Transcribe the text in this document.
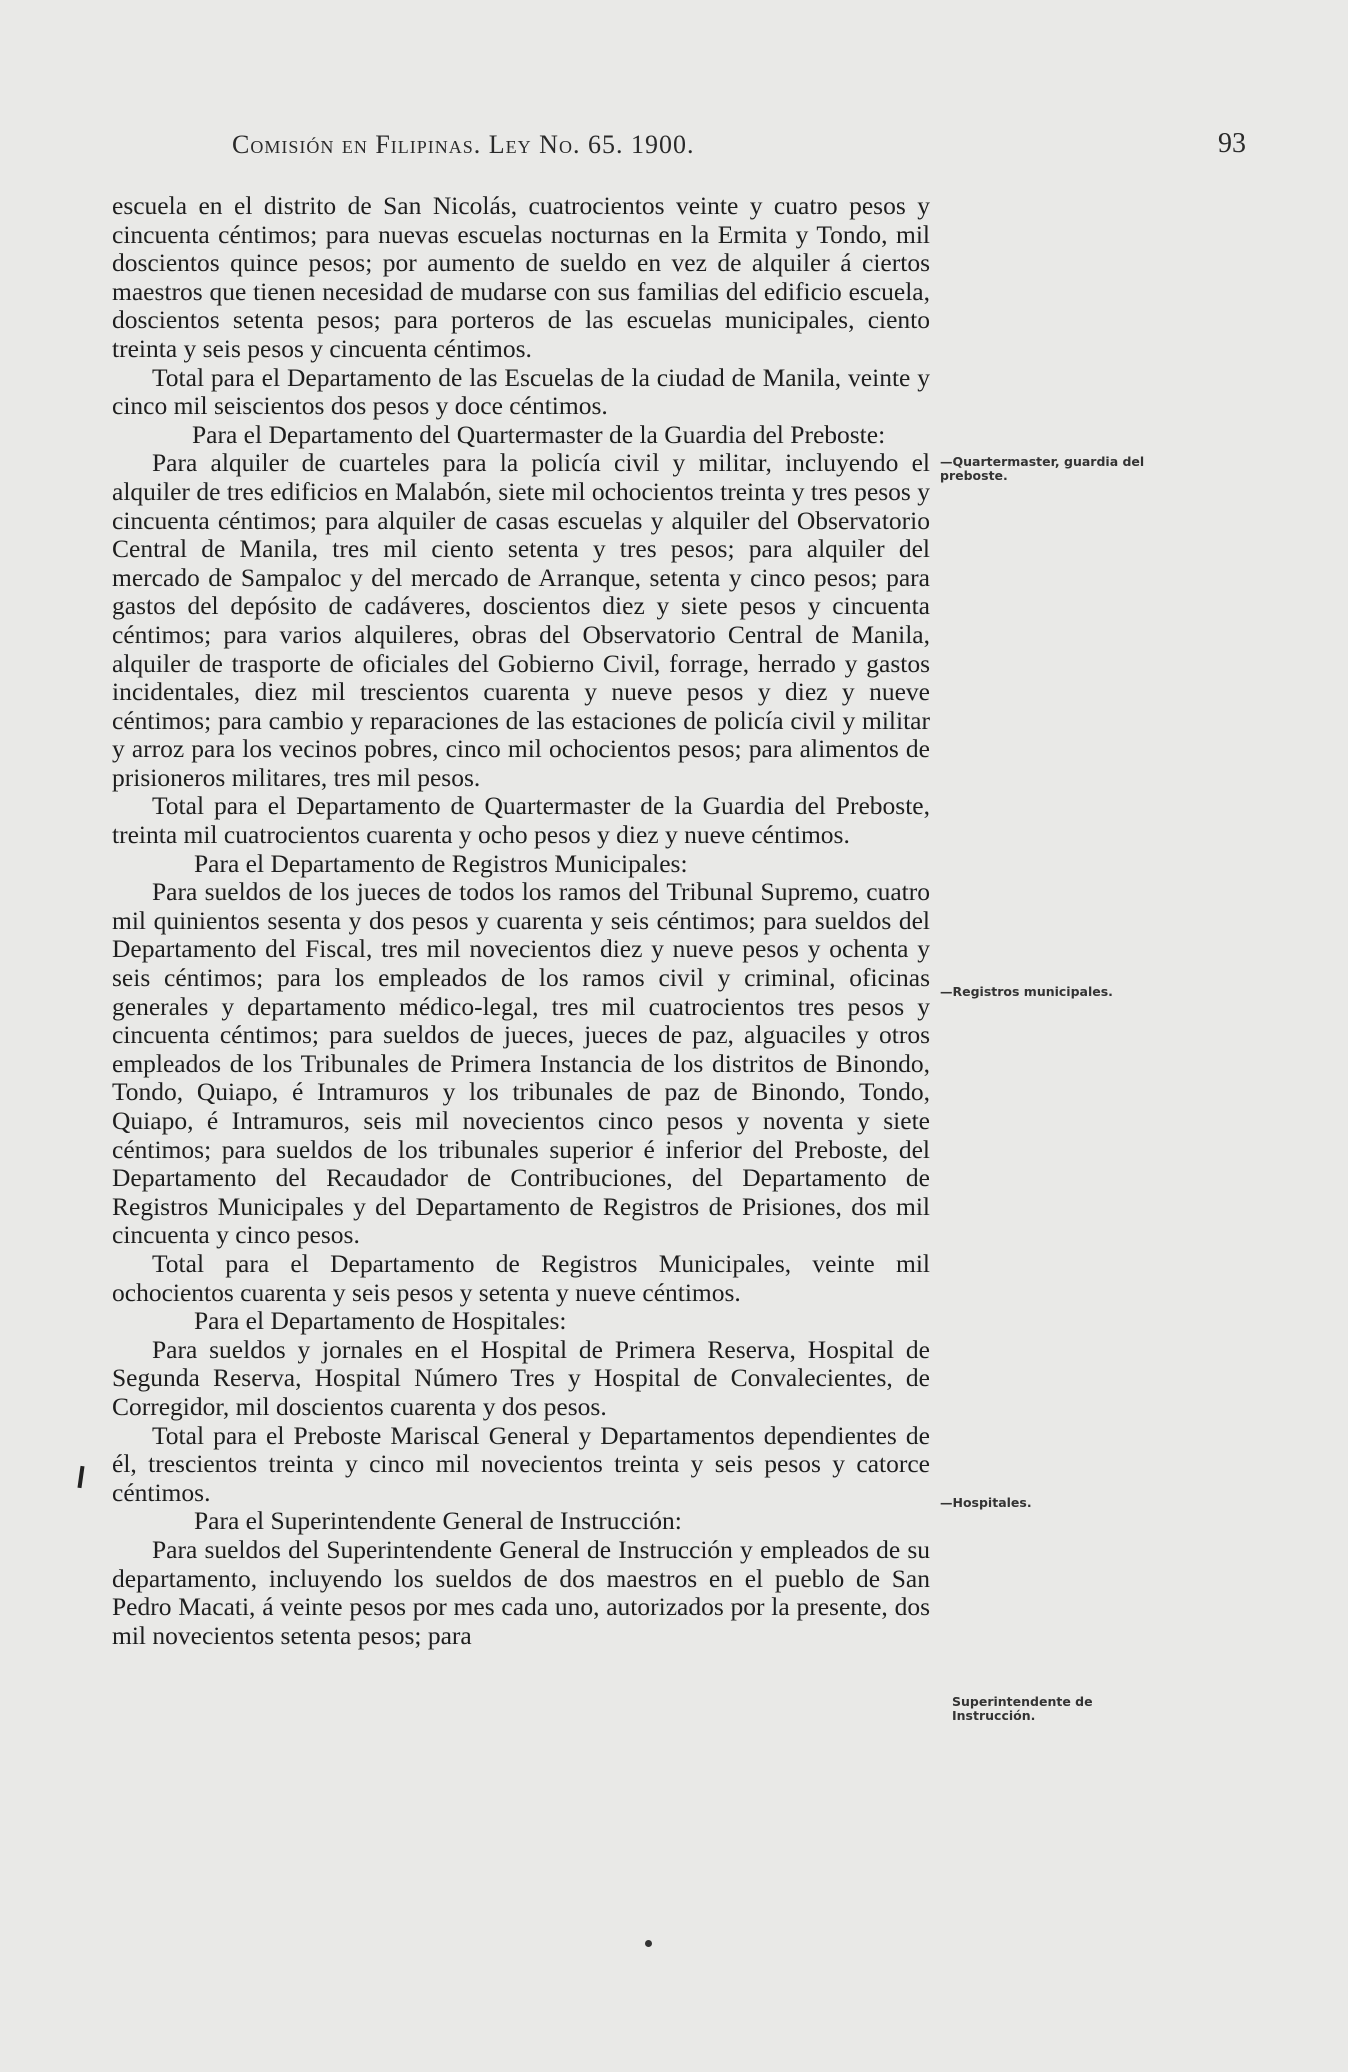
Comisión en Filipinas. Ley No. 65. 1900.	93

escuela en el distrito de San Nicolás, cuatrocientos veinte y cuatro pesos y cincuenta céntimos; para nuevas escuelas nocturnas en la Ermita y Tondo, mil doscientos quince pesos; por aumento de sueldo en vez de alquiler á ciertos maestros que tienen necesidad de mudarse con sus familias del edificio escuela, doscientos setenta pesos; para porteros de las escuelas municipales, ciento treinta y seis pesos y cincuenta céntimos.

Total para el Departamento de las Escuelas de la ciudad de Manila, veinte y cinco mil seiscientos dos pesos y doce céntimos.

Para el Departamento del Quartermaster de la Guardia del Preboste:

Para alquiler de cuarteles para la policía civil y militar, incluyendo el alquiler de tres edificios en Malabón, siete mil ochocientos treinta y tres pesos y cincuenta céntimos; para alquiler de casas escuelas y alquiler del Observatorio Central de Manila, tres mil ciento setenta y tres pesos; para alquiler del mercado de Sampaloc y del mercado de Arranque, setenta y cinco pesos; para gastos del depósito de cadáveres, doscientos diez y siete pesos y cincuenta céntimos; para varios alquileres, obras del Observatorio Central de Manila, alquiler de trasporte de oficiales del Gobierno Civil, forrage, herrado y gastos incidentales, diez mil trescientos cuarenta y nueve pesos y diez y nueve céntimos; para cambio y reparaciones de las estaciones de policía civil y militar y arroz para los vecinos pobres, cinco mil ochocientos pesos; para alimentos de prisioneros militares, tres mil pesos.

Total para el Departamento de Quartermaster de la Guardia del Preboste, treinta mil cuatrocientos cuarenta y ocho pesos y diez y nueve céntimos.

Para el Departamento de Registros Municipales:

Para sueldos de los jueces de todos los ramos del Tribunal Supremo, cuatro mil quinientos sesenta y dos pesos y cuarenta y seis céntimos; para sueldos del Departamento del Fiscal, tres mil novecientos diez y nueve pesos y ochenta y seis céntimos; para los empleados de los ramos civil y criminal, oficinas generales y departamento médico-legal, tres mil cuatrocientos tres pesos y cincuenta céntimos; para sueldos de jueces, jueces de paz, alguaciles y otros empleados de los Tribunales de Primera Instancia de los distritos de Binondo, Tondo, Quiapo, é Intramuros y los tribunales de paz de Binondo, Tondo, Quiapo, é Intramuros, seis mil novecientos cinco pesos y noventa y siete céntimos; para sueldos de los tribunales superior é inferior del Preboste, del Departamento del Recaudador de Contribuciones, del Departamento de Registros Municipales y del Departamento de Registros de Prisiones, dos mil cincuenta y cinco pesos.

Total para el Departamento de Registros Municipales, veinte mil ochocientos cuarenta y seis pesos y setenta y nueve céntimos.

Para el Departamento de Hospitales:

Para sueldos y jornales en el Hospital de Primera Reserva, Hospital de Segunda Reserva, Hospital Número Tres y Hospital de Convalecientes, de Corregidor, mil doscientos cuarenta y dos pesos.

Total para el Preboste Mariscal General y Departamentos dependientes de él, trescientos treinta y cinco mil novecientos treinta y seis pesos y catorce céntimos.

Para el Superintendente General de Instrucción:

Para sueldos del Superintendente General de Instrucción y empleados de su departamento, incluyendo los sueldos de dos maestros en el pueblo de San Pedro Macati, á veinte pesos por mes cada uno, autorizados por la presente, dos mil novecientos setenta pesos; para

—Quartermaster, guardia del preboste.
—Registros municipales.
—Hospitales.
Superintendente de Instrucción.
